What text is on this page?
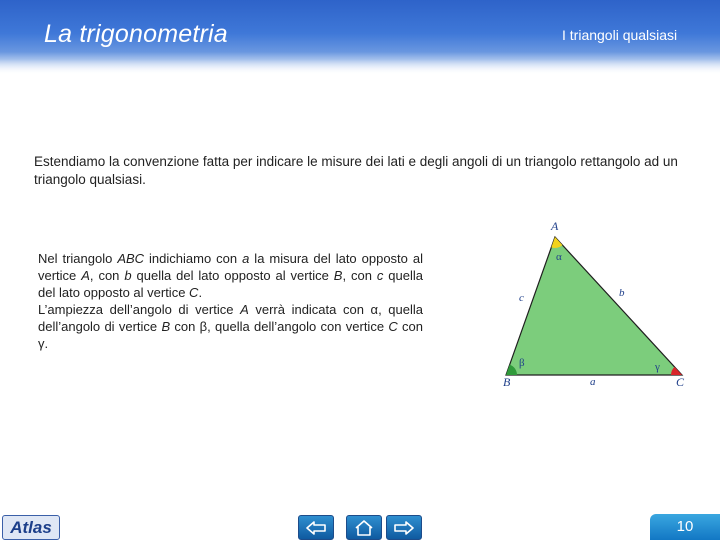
La trigonometria	I triangoli qualsiasi
Estendiamo la convenzione fatta per indicare le misure dei lati e degli angoli di un triangolo rettangolo ad un triangolo qualsiasi.

Nel triangolo ABC indichiamo con a la misura del lato opposto al vertice A, con b quella del lato opposto al vertice B, con c quella del lato opposto al vertice C.

L’ampiezza dell’angolo di vertice A verrà indicata con α, quella dell’angolo di vertice B con β, quella dell’angolo con vertice C con γ.

A
B	C
a
b
c
α
β	γ
Atlas	10
